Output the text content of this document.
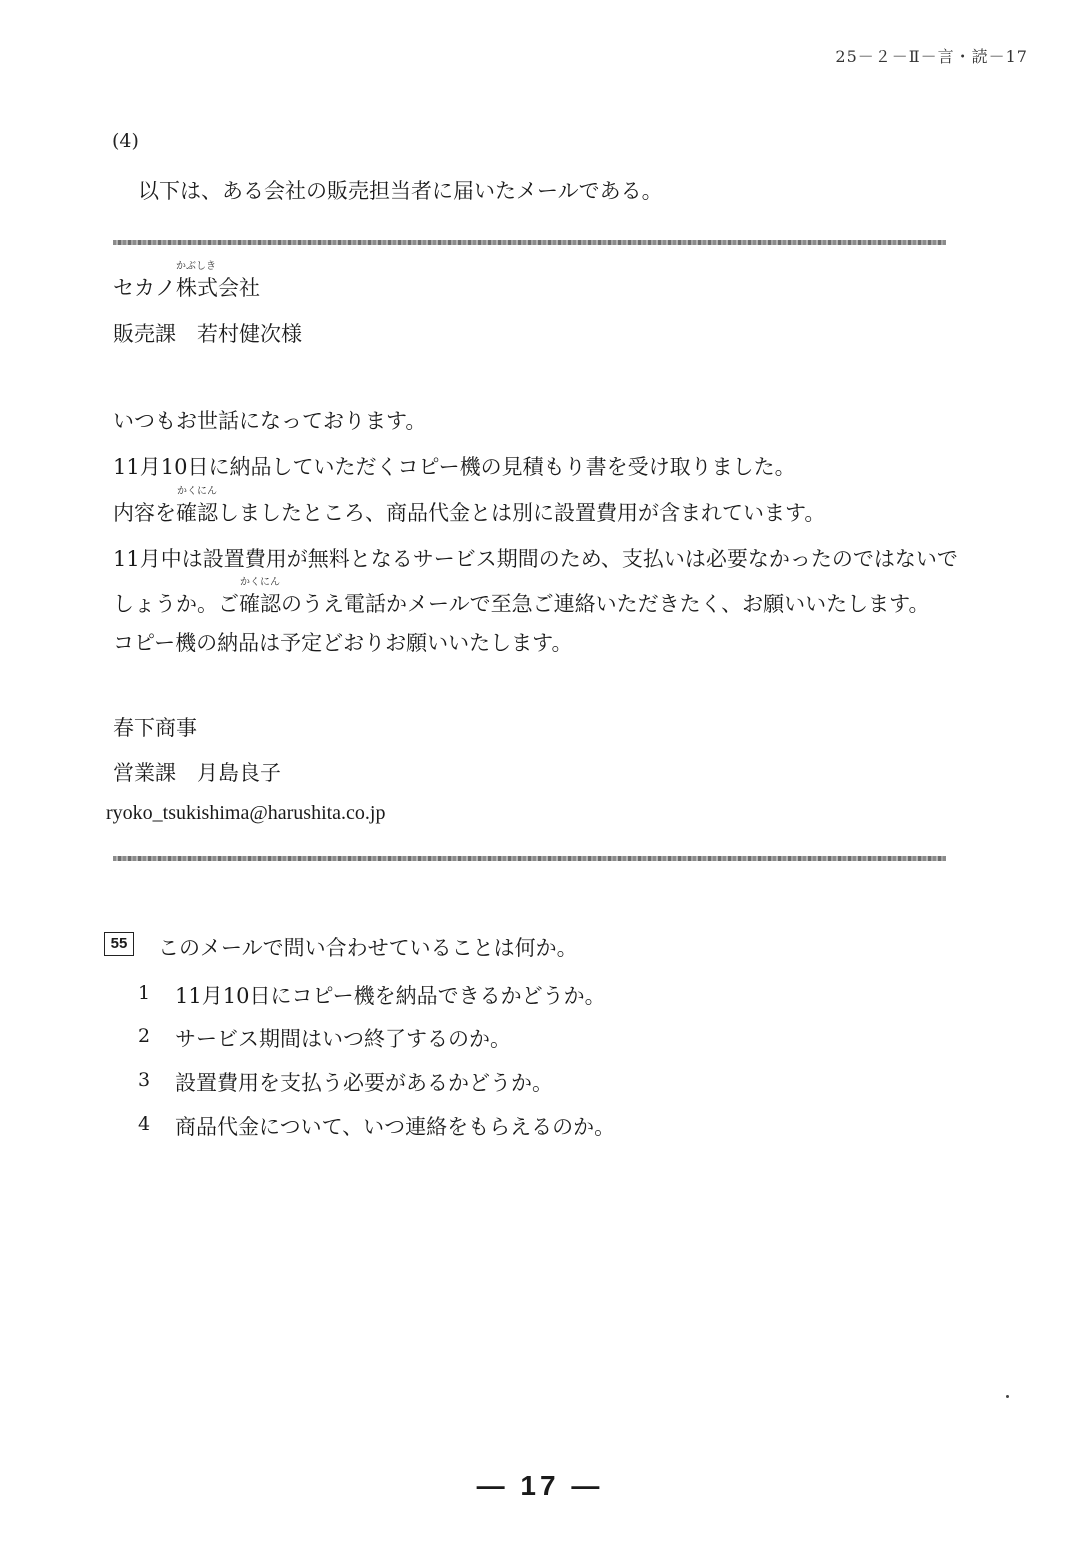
25－２－Ⅱ－言・読－17
(4)
以下は、ある会社の販売担当者に届いたメールである。
セカノ株
かぶしき
式会社
販売課　若村健次様
いつもお世話になっております。
11月10日に納品していただくコピー機の見積もり書を受け取りました。
内容を確認
かくにん
しましたところ、商品代金とは別に設置費用が含まれています。
11月中は設置費用が無料となるサービス期間のため、支払いは必要なかったのではないで
しょうか。ご確認
かくにん
のうえ電話かメールで至急ご連絡いただきたく、お願いいたします。
コピー機の納品は予定どおりお願いいたします。
春下商事
営業課　月島良子
ryoko_tsukishima@harushita.co.jp
55	このメールで問い合わせていることは何か。
1 11月10日にコピー機を納品できるかどうか。
2 サービス期間はいつ終了するのか。
3 設置費用を支払う必要があるかどうか。
4 商品代金について、いつ連絡をもらえるのか。
— 17 —
